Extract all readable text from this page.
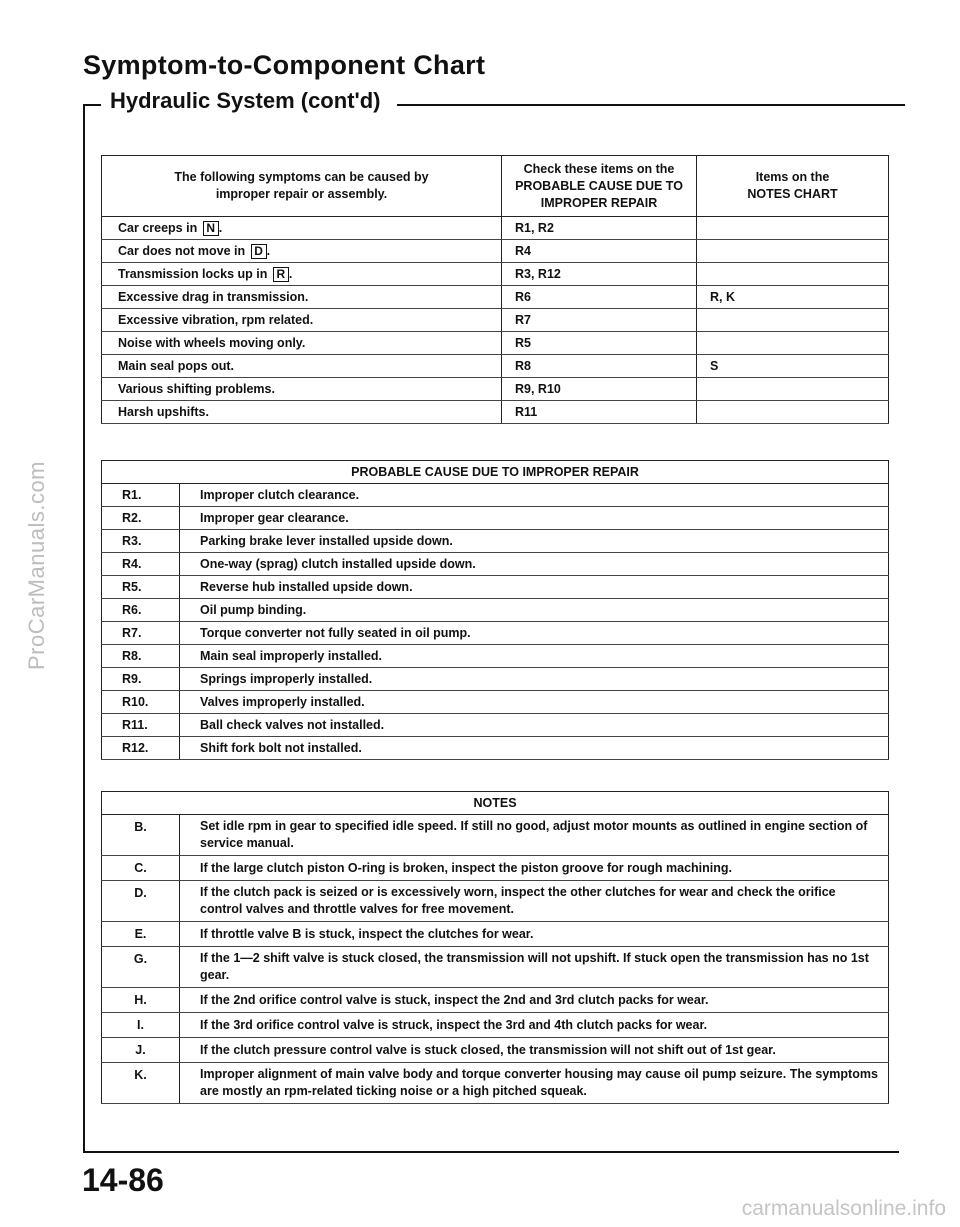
ProCarManuals.com
Symptom-to-Component Chart
Hydraulic System (cont'd)
The following symptoms can be caused by improper repair or assembly.	Check these items on the PROBABLE CAUSE DUE TO IMPROPER REPAIR	Items on the NOTES CHART
Car creeps in N .	R1, R2	
Car does not move in D .	R4	
Transmission locks up in R .	R3, R12	
Excessive drag in transmission.	R6	R, K
Excessive vibration, rpm related.	R7	
Noise with wheels moving only.	R5	
Main seal pops out.	R8	S
Various shifting problems.	R9, R10	
Harsh upshifts.	R11	
PROBABLE CAUSE DUE TO IMPROPER REPAIR	
R1.	Improper clutch clearance.
R2.	Improper gear clearance.
R3.	Parking brake lever installed upside down.
R4.	One-way (sprag) clutch installed upside down.
R5.	Reverse hub installed upside down.
R6.	Oil pump binding.
R7.	Torque converter not fully seated in oil pump.
R8.	Main seal improperly installed.
R9.	Springs improperly installed.
R10.	Valves improperly installed.
R11.	Ball check valves not installed.
R12.	Shift fork bolt not installed.
NOTES	
B.	Set idle rpm in gear to specified idle speed. If still no good, adjust motor mounts as outlined in engine section of service manual.
C.	If the large clutch piston O-ring is broken, inspect the piston groove for rough machining.
D.	If the clutch pack is seized or is excessively worn, inspect the other clutches for wear and check the orifice control valves and throttle valves for free movement.
E.	If throttle valve B is stuck, inspect the clutches for wear.
G.	If the 1—2 shift valve is stuck closed, the transmission will not upshift. If stuck open the transmission has no 1st gear.
H.	If the 2nd orifice control valve is stuck, inspect the 2nd and 3rd clutch packs for wear.
I.	If the 3rd orifice control valve is struck, inspect the 3rd and 4th clutch packs for wear.
J.	If the clutch pressure control valve is stuck closed, the transmission will not shift out of 1st gear.
K.	Improper alignment of main valve body and torque converter housing may cause oil pump seizure. The symptoms are mostly an rpm-related ticking noise or a high pitched squeak.
14-86
carmanualsonline.info
